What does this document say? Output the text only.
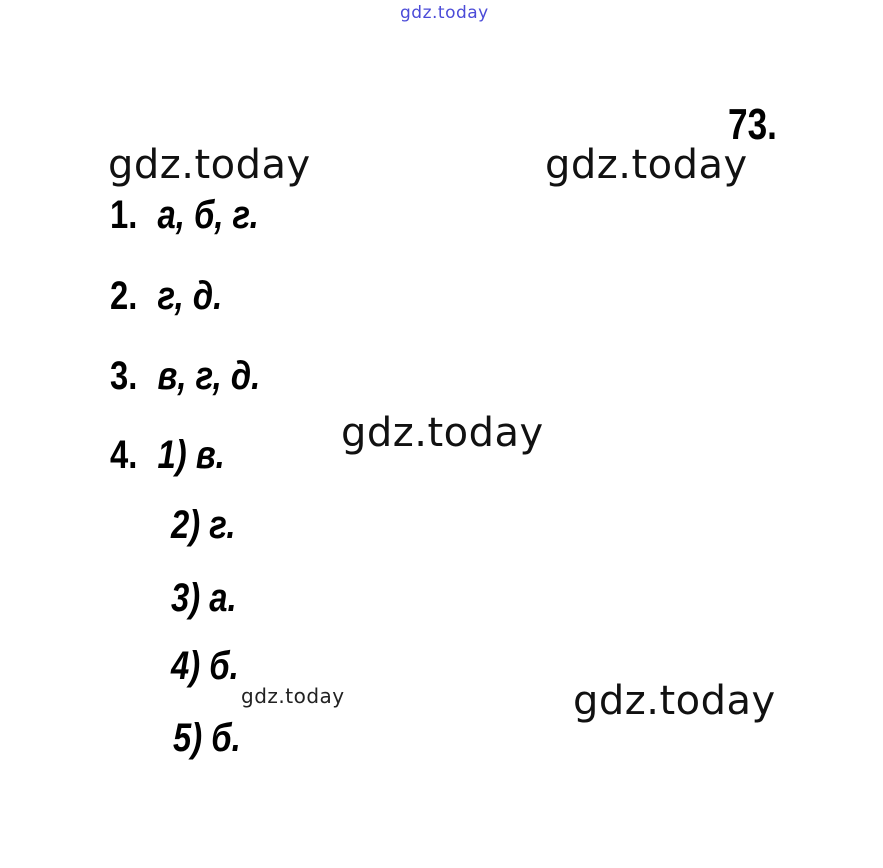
gdz.today
gdz.today	gdz.today
gdz.today
gdz.today	gdz.today
73.
1. а, б, г.
2. г, д.
3. в, г, д.
4. 1) в.
2) г.
3) а.
4) б.
5) б.
